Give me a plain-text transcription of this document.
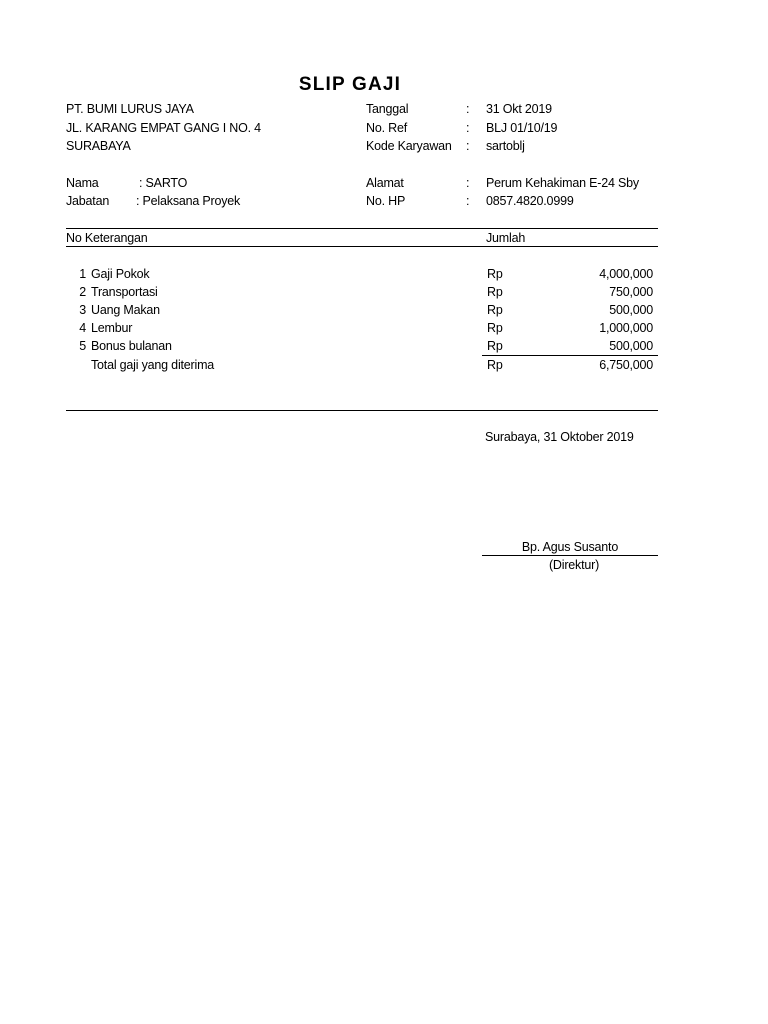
SLIP GAJI
PT. BUMI LURUS JAYA
JL. KARANG EMPAT GANG I NO. 4
SURABAYA
Tanggal	: 31 Okt 2019
No. Ref	: BLJ 01/10/19
Kode Karyawan : sartoblj
Nama	: SARTO
Jabatan : Pelaksana Proyek
Alamat	: Perum Kehakiman E-24 Sby
No. HP	: 0857.4820.0999
No Keterangan	Jumlah
1 Gaji Pokok	Rp	4,000,000
2 Transportasi	Rp	750,000
3 Uang Makan	Rp	500,000
4 Lembur	Rp	1,000,000
5 Bonus bulanan	Rp	500,000
Total gaji yang diterima	Rp	6,750,000
Surabaya, 31 Oktober 2019
Bp. Agus Susanto
(Direktur)
